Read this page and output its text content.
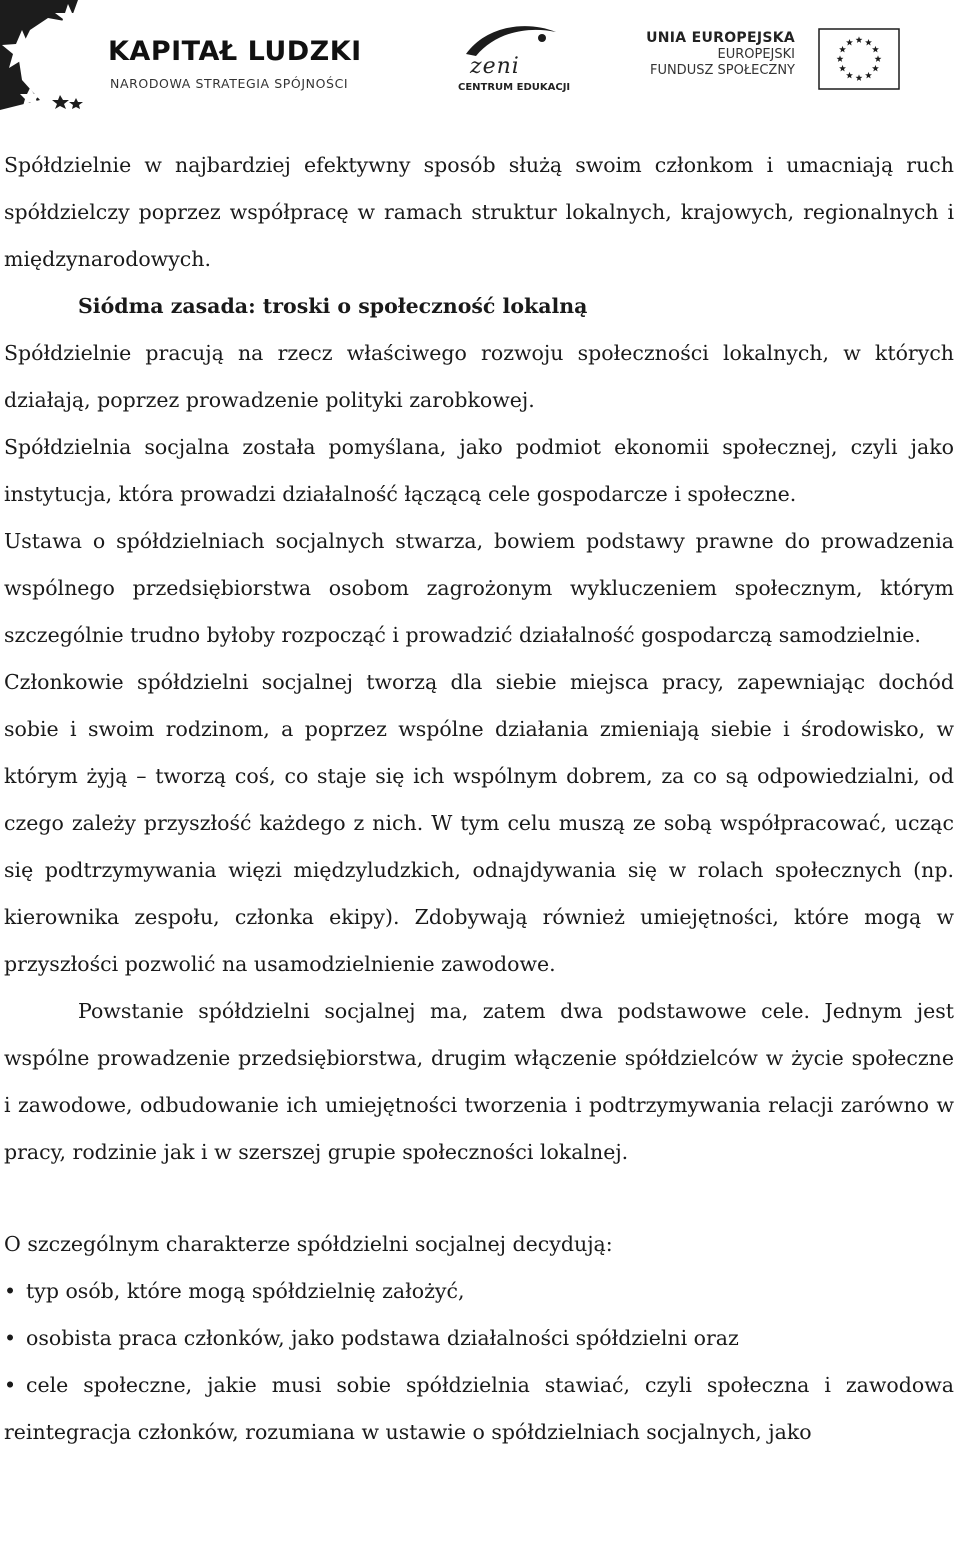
KAPITAŁ LUDZKI
NARODOWA STRATEGIA SPÓJNOŚCI
zeni
CENTRUM EDUKACJI
UNIA EUROPEJSKA
EUROPEJSKI
FUNDUSZ SPOŁECZNY

Spółdzielnie w najbardziej efektywny sposób służą swoim członkom i umacniają ruch spółdzielczy poprzez współpracę w ramach struktur lokalnych, krajowych, regionalnych i międzynarodowych.

Siódma zasada: troski o społeczność lokalną

Spółdzielnie pracują na rzecz właściwego rozwoju społeczności lokalnych, w których działają, poprzez prowadzenie polityki zarobkowej.

Spółdzielnia socjalna została pomyślana, jako podmiot ekonomii społecznej, czyli jako instytucja, która prowadzi działalność łączącą cele gospodarcze i społeczne.

Ustawa o spółdzielniach socjalnych stwarza, bowiem podstawy prawne do prowadzenia wspólnego przedsiębiorstwa osobom zagrożonym wykluczeniem społecznym, którym szczególnie trudno byłoby rozpocząć i prowadzić działalność gospodarczą samodzielnie.

Członkowie spółdzielni socjalnej tworzą dla siebie miejsca pracy, zapewniając dochód sobie i swoim rodzinom, a poprzez wspólne działania zmieniają siebie i środowisko, w którym żyją – tworzą coś, co staje się ich wspólnym dobrem, za co są odpowiedzialni, od czego zależy przyszłość każdego z nich. W tym celu muszą ze sobą współpracować, ucząc się podtrzymywania więzi międzyludzkich, odnajdywania się w rolach społecznych (np. kierownika zespołu, członka ekipy). Zdobywają również umiejętności, które mogą w przyszłości pozwolić na usamodzielnienie zawodowe.

Powstanie spółdzielni socjalnej ma, zatem dwa podstawowe cele. Jednym jest wspólne prowadzenie przedsiębiorstwa, drugim włączenie spółdzielców w życie społeczne i zawodowe, odbudowanie ich umiejętności tworzenia i podtrzymywania relacji zarówno w pracy, rodzinie jak i w szerszej grupie społeczności lokalnej.

O szczególnym charakterze spółdzielni socjalnej decydują:

• typ osób, które mogą spółdzielnię założyć,
• osobista praca członków, jako podstawa działalności spółdzielni oraz
• • cele społeczne, jakie musi sobie spółdzielnia stawiać, czyli społeczna i zawodowa reintegracja członków, rozumiana w ustawie o spółdzielniach socjalnych, jako
